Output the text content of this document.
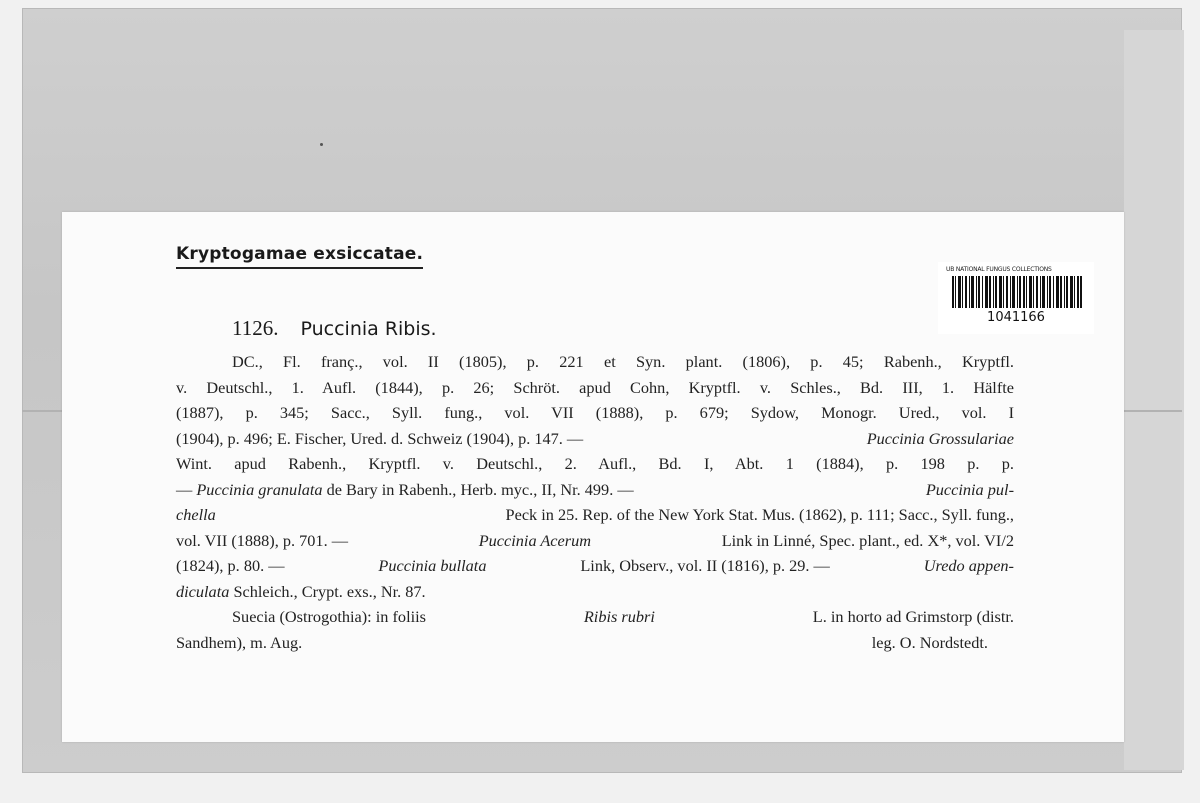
Kryptogamae exsiccatae.
UB NATIONAL FUNGUS COLLECTIONS
1041166
1126. Puccinia Ribis.
DC., Fl. franç., vol. II (1805), p. 221 et Syn. plant. (1806), p. 45; Rabenh., Kryptfl.
v. Deutschl., 1. Aufl. (1844), p. 26; Schröt. apud Cohn, Kryptfl. v. Schles., Bd. III, 1. Hälfte
(1887), p. 345; Sacc., Syll. fung., vol. VII (1888), p. 679; Sydow, Monogr. Ured., vol. I
(1904), p. 496; E. Fischer, Ured. d. Schweiz (1904), p. 147. —	Puccinia Grossulariae
Wint. apud Rabenh., Kryptfl. v. Deutschl., 2. Aufl., Bd. I, Abt. 1 (1884), p. 198 p. p.
— Puccinia granulata de Bary in Rabenh., Herb. myc., II, Nr. 499. —	Puccinia pul-
chella	Peck in 25. Rep. of the New York Stat. Mus. (1862), p. 111; Sacc., Syll. fung.,
vol. VII (1888), p. 701. —	Puccinia Acerum	Link in Linné, Spec. plant., ed. X*, vol. VI/2
(1824), p. 80. —	Puccinia bullata	Link, Observ., vol. II (1816), p. 29. —	Uredo appen-
diculata Schleich., Crypt. exs., Nr. 87.
Suecia (Ostrogothia): in foliis	Ribis rubri	L. in horto ad Grimstorp (distr.
Sandhem), m. Aug.	leg. O. Nordstedt.
